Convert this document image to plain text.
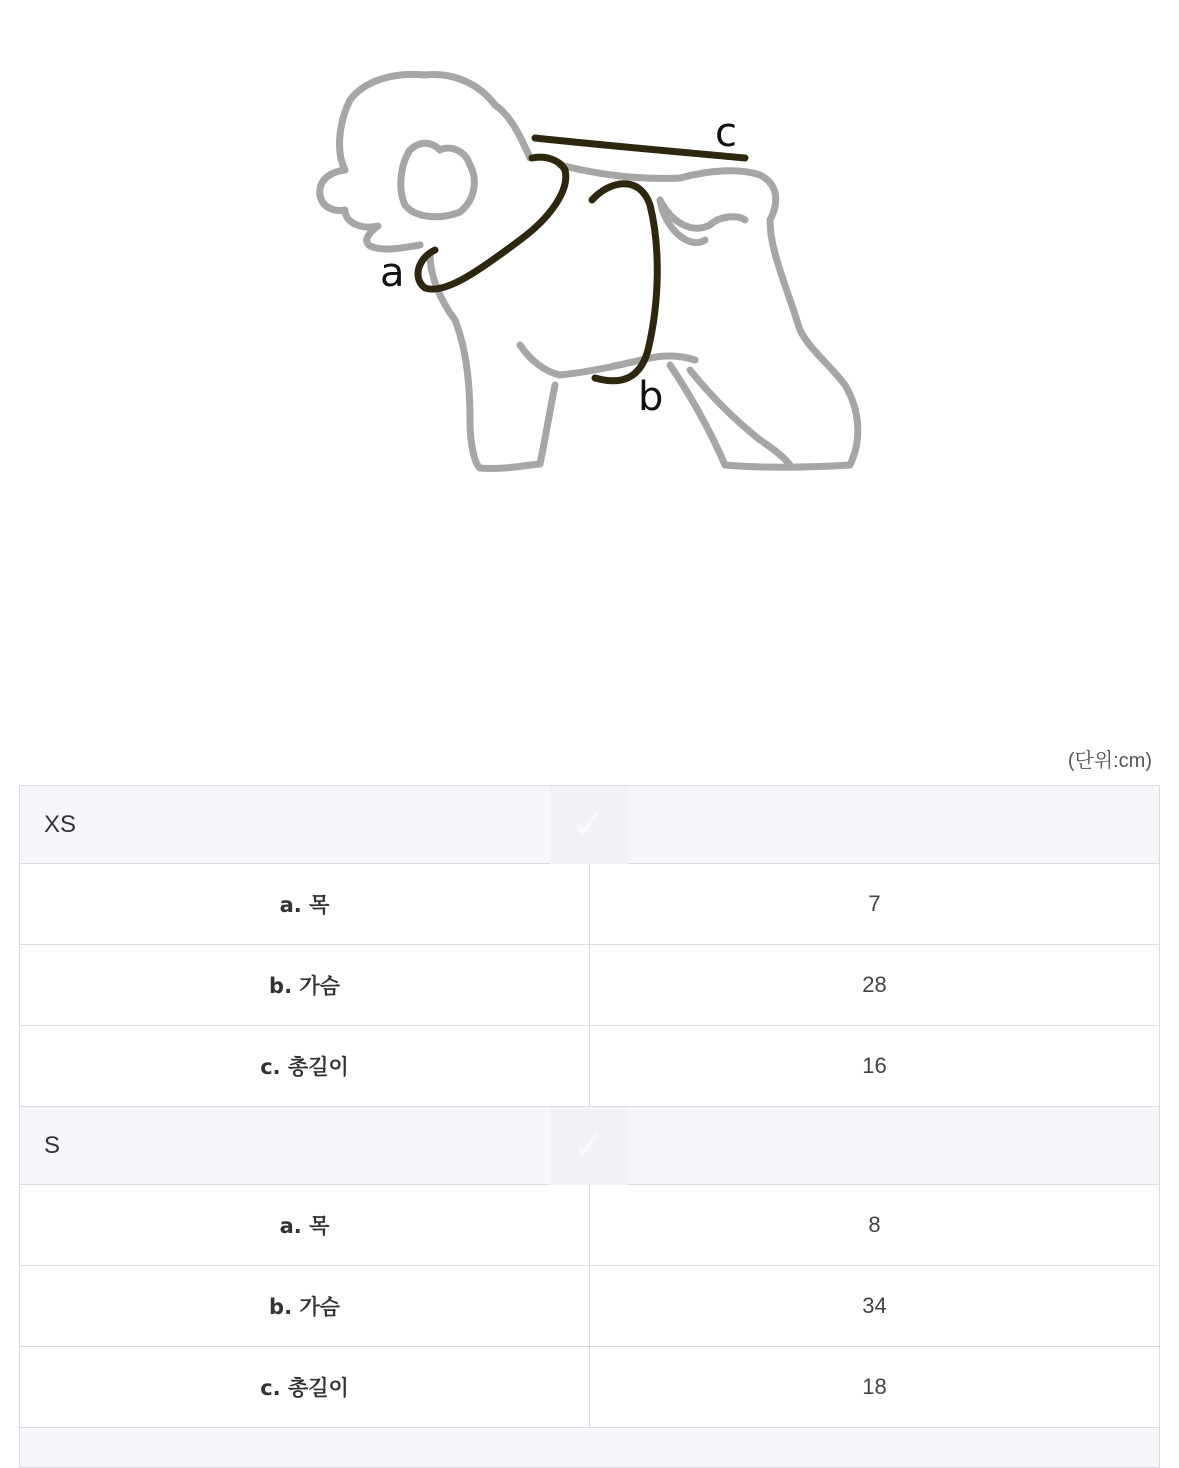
a
b
c
(단위:cm)
XS ✓	

a. 목	7
b. 가슴	28
c. 총길이	16
S ✓	

a. 목	8
b. 가슴	34
c. 총길이	18
